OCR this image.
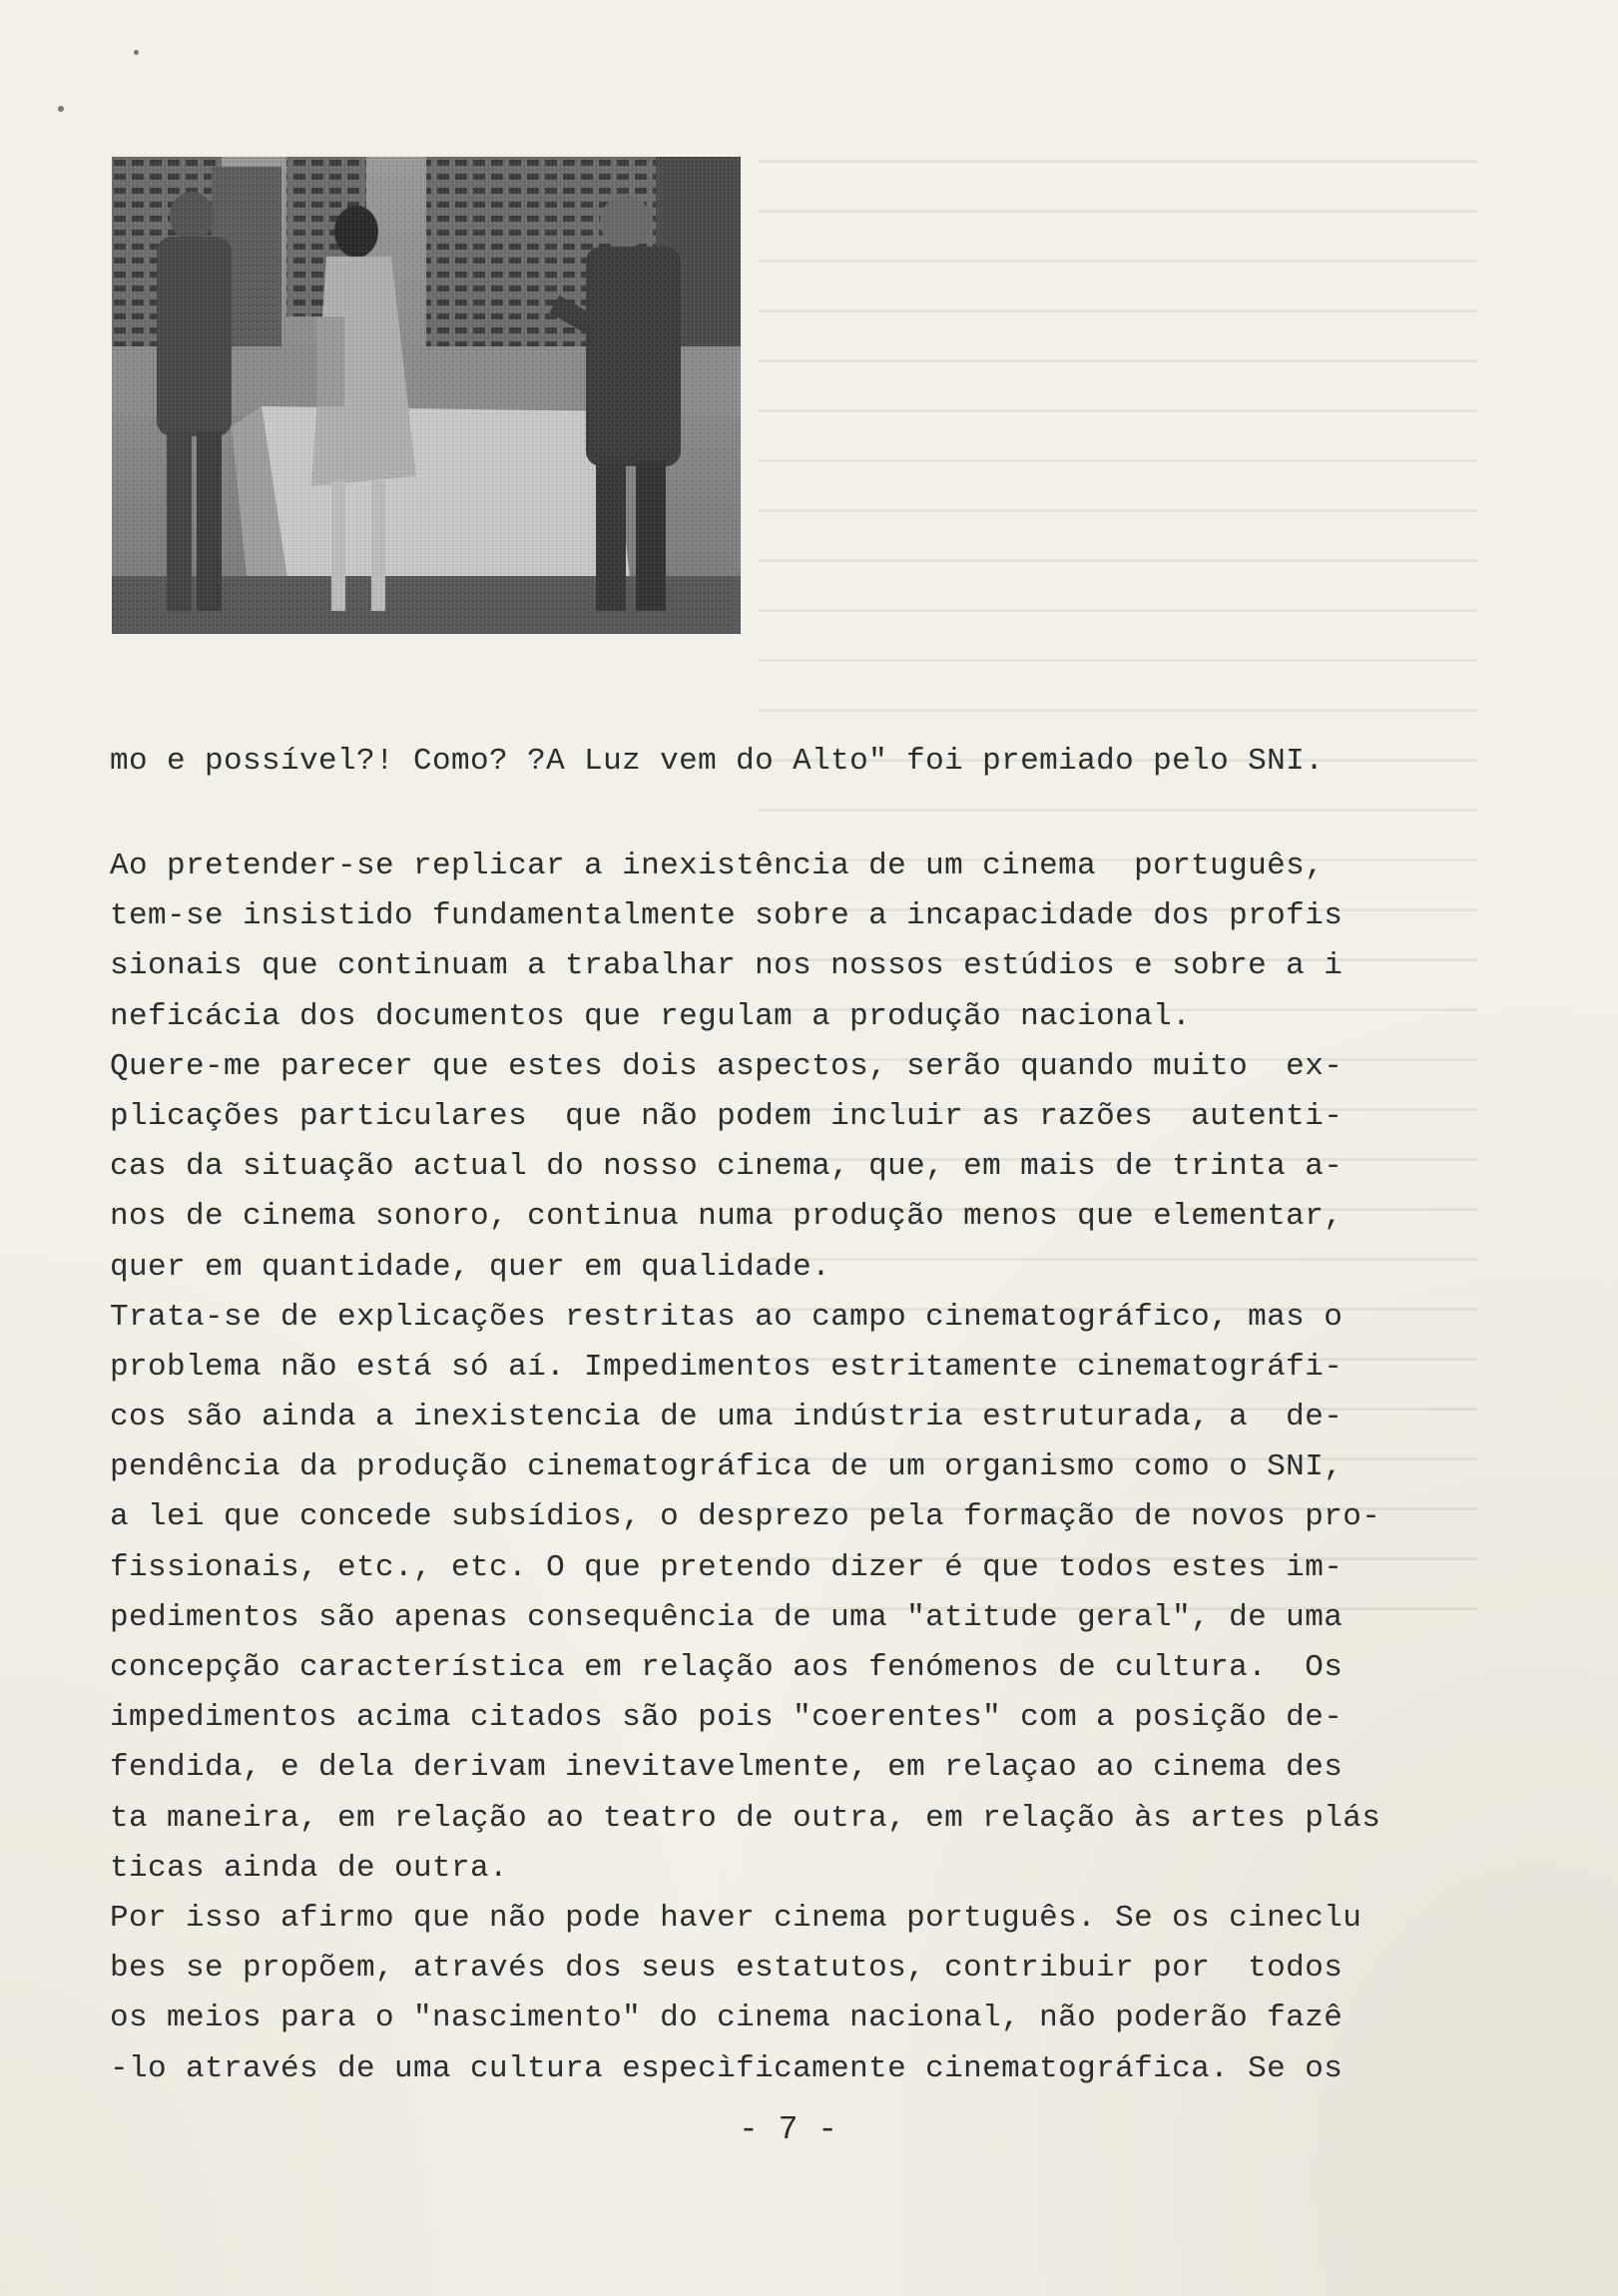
mo e possível?! Como? ?A Luz vem do Alto" foi premiado pelo SNI.
Ao pretender-se replicar a inexistência de um cinema  português,
tem-se insistido fundamentalmente sobre a incapacidade dos profis
sionais que continuam a trabalhar nos nossos estúdios e sobre a i
neficácia dos documentos que regulam a produção nacional.
Quere-me parecer que estes dois aspectos, serão quando muito  ex-
plicações particulares  que não podem incluir as razões  autenti-
cas da situação actual do nosso cinema, que, em mais de trinta a-
nos de cinema sonoro, continua numa produção menos que elementar,
quer em quantidade, quer em qualidade.
Trata-se de explicações restritas ao campo cinematográfico, mas o
problema não está só aí. Impedimentos estritamente cinematográfi-
cos são ainda a inexistencia de uma indústria estruturada, a  de-
pendência da produção cinematográfica de um organismo como o SNI,
a lei que concede subsídios, o desprezo pela formação de novos pro-
fissionais, etc., etc. O que pretendo dizer é que todos estes im-
pedimentos são apenas consequência de uma "atitude geral", de uma
concepção característica em relação aos fenómenos de cultura.  Os
impedimentos acima citados são pois "coerentes" com a posição de-
fendida, e dela derivam inevitavelmente, em relaçao ao cinema des
ta maneira, em relação ao teatro de outra, em relação às artes plás
ticas ainda de outra.
Por isso afirmo que não pode haver cinema português. Se os cineclu
bes se propõem, através dos seus estatutos, contribuir por  todos
os meios para o "nascimento" do cinema nacional, não poderão fazê
-lo através de uma cultura especìficamente cinematográfica. Se os
- 7 -
